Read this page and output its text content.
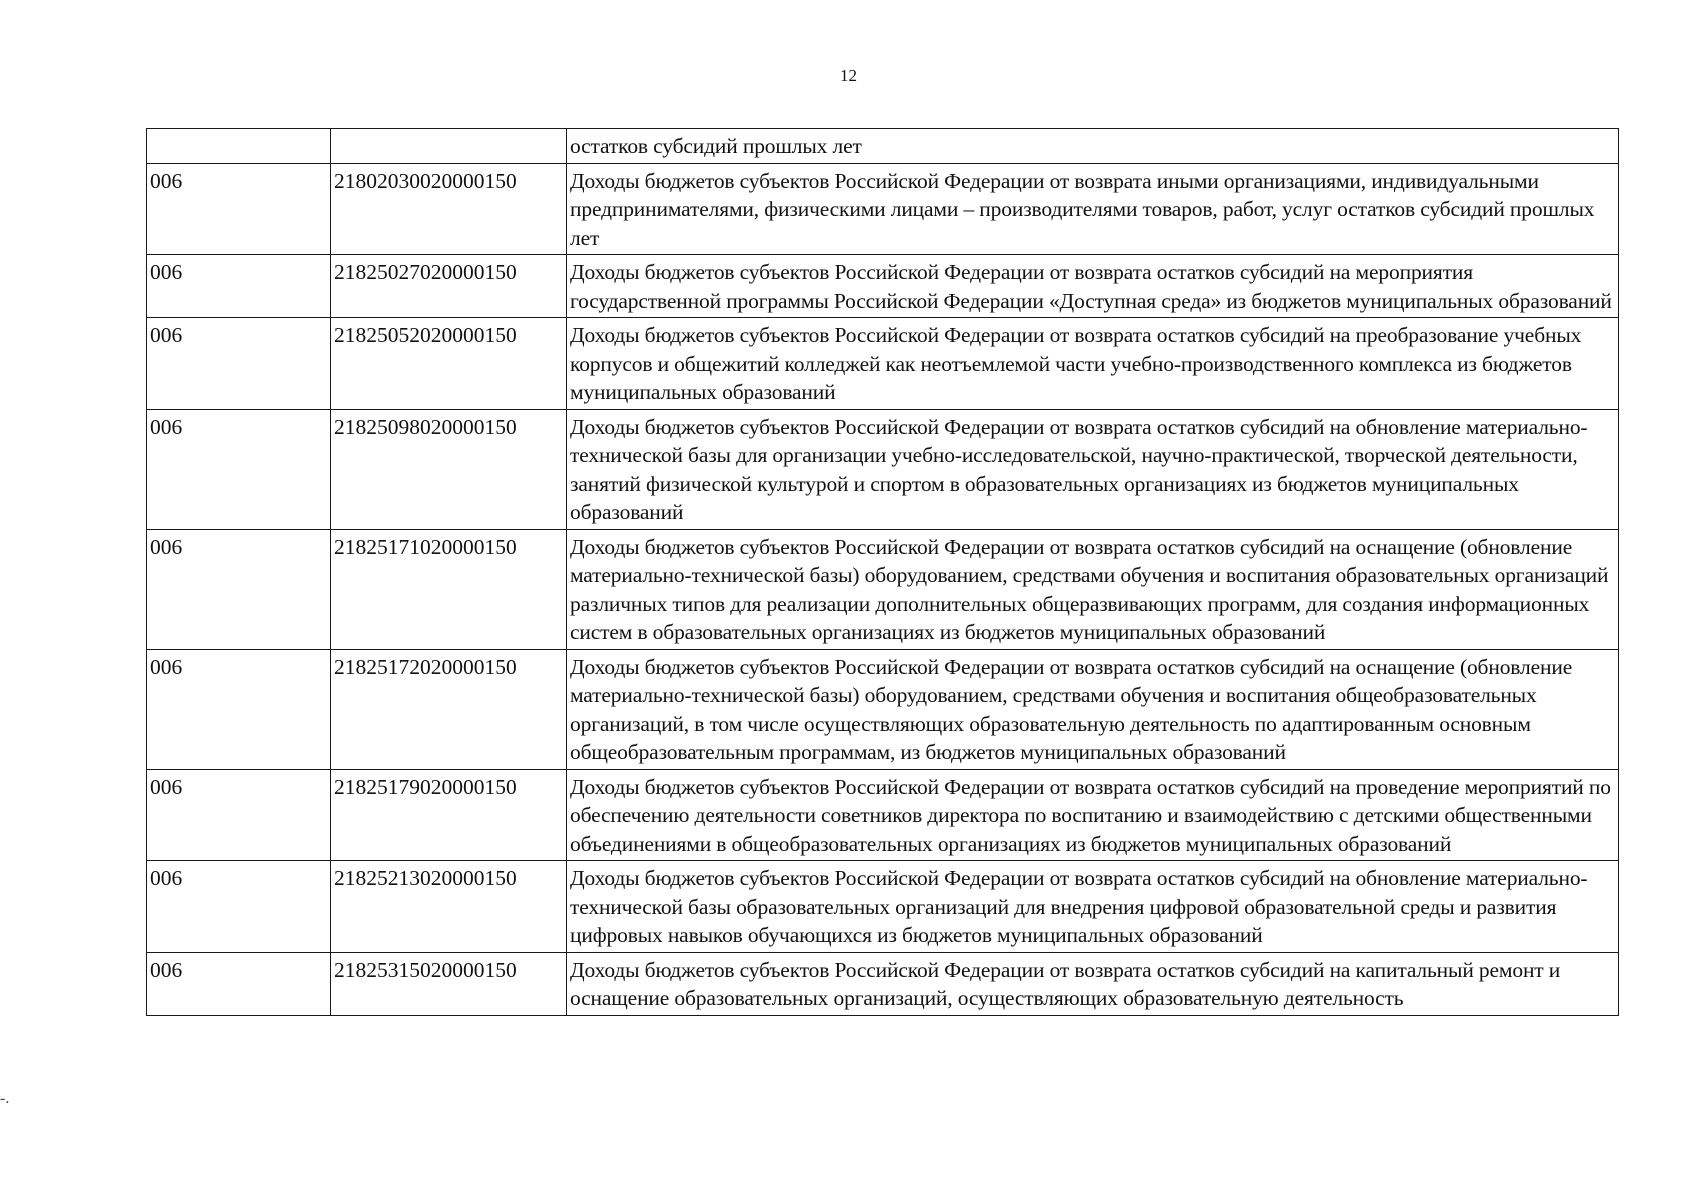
12
-.
		остатков субсидий прошлых лет
006	21802030020000150	Доходы бюджетов субъектов Российской Федерации от возврата иными организациями, индивидуальными предпринимателями, физическими лицами – производителями товаров, работ, услуг остатков субсидий прошлых лет
006	21825027020000150	Доходы бюджетов субъектов Российской Федерации от возврата остатков субсидий на мероприятия государственной программы Российской Федерации «Доступная среда» из бюджетов муниципальных образований
006	21825052020000150	Доходы бюджетов субъектов Российской Федерации от возврата остатков субсидий на преобразование учебных корпусов и общежитий колледжей как неотъемлемой части учебно-производственного комплекса из бюджетов муниципальных образований
006	21825098020000150	Доходы бюджетов субъектов Российской Федерации от возврата остатков субсидий на обновление материально-технической базы для организации учебно-исследовательской, научно-практической, творческой деятельности, занятий физической культурой и спортом в образовательных организациях из бюджетов муниципальных образований
006	21825171020000150	Доходы бюджетов субъектов Российской Федерации от возврата остатков субсидий на оснащение (обновление материально-технической базы) оборудованием, средствами обучения и воспитания образовательных организаций различных типов для реализации дополнительных общеразвивающих программ, для создания информационных систем в образовательных организациях из бюджетов муниципальных образований
006	21825172020000150	Доходы бюджетов субъектов Российской Федерации от возврата остатков субсидий на оснащение (обновление материально-технической базы) оборудованием, средствами обучения и воспитания общеобразовательных организаций, в том числе осуществляющих образовательную деятельность по адаптированным основным общеобразовательным программам, из бюджетов муниципальных образований
006	21825179020000150	Доходы бюджетов субъектов Российской Федерации от возврата остатков субсидий на проведение мероприятий по обеспечению деятельности советников директора по воспитанию и взаимодействию с детскими общественными объединениями в общеобразовательных организациях из бюджетов муниципальных образований
006	21825213020000150	Доходы бюджетов субъектов Российской Федерации от возврата остатков субсидий на обновление материально-технической базы образовательных организаций для внедрения цифровой образовательной среды и развития цифровых навыков обучающихся из бюджетов муниципальных образований
006	21825315020000150	Доходы бюджетов субъектов Российской Федерации от возврата остатков субсидий на капитальный ремонт и оснащение образовательных организаций, осуществляющих образовательную деятельность
